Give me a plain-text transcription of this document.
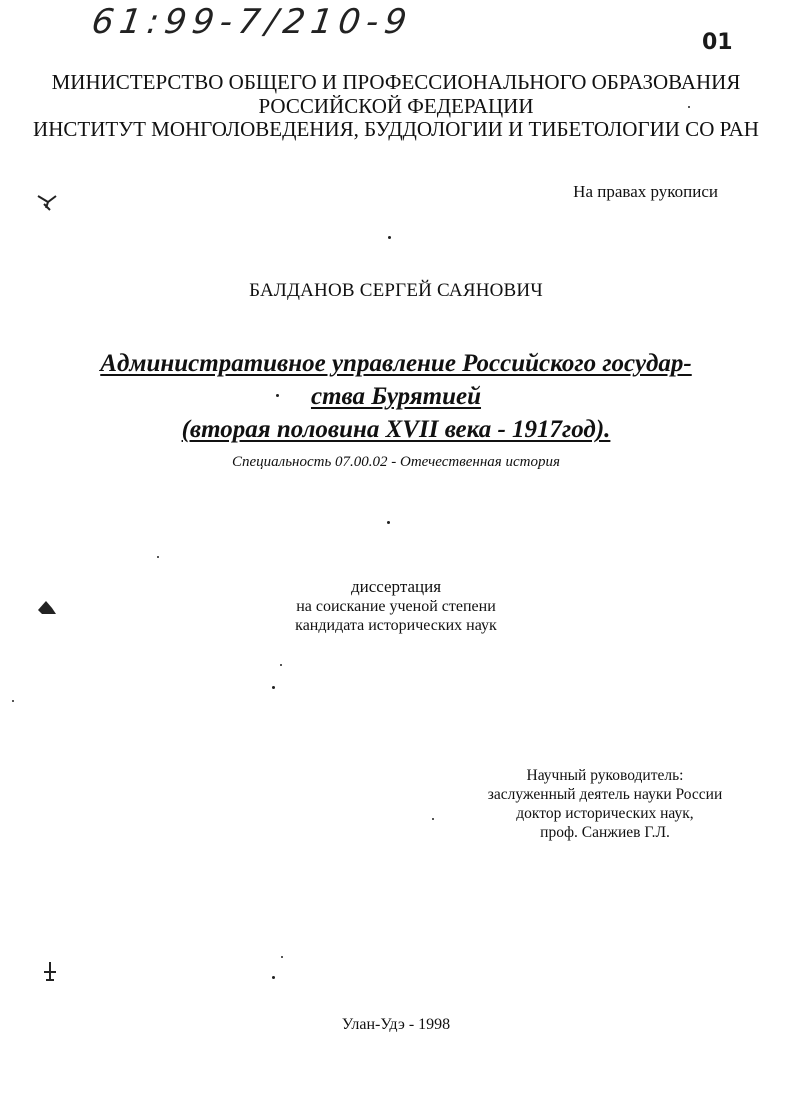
61:99-7/210-9
01
МИНИСТЕРСТВО ОБЩЕГО И ПРОФЕССИОНАЛЬНОГО ОБРАЗОВАНИЯ
РОССИЙСКОЙ ФЕДЕРАЦИИ
ИНСТИТУТ МОНГОЛОВЕДЕНИЯ, БУДДОЛОГИИ И ТИБЕТОЛОГИИ СО РАН
На правах рукописи
БАЛДАНОВ СЕРГЕЙ САЯНОВИЧ
Административное управление Российского государ-
ства Бурятией
(вторая половина XVII века - 1917год).
Специальность 07.00.02 - Отечественная история
диссертация
на соискание ученой степени
кандидата исторических наук
Научный руководитель:
заслуженный деятель науки России
доктор исторических наук,
проф. Санжиев Г.Л.
Улан-Удэ - 1998
